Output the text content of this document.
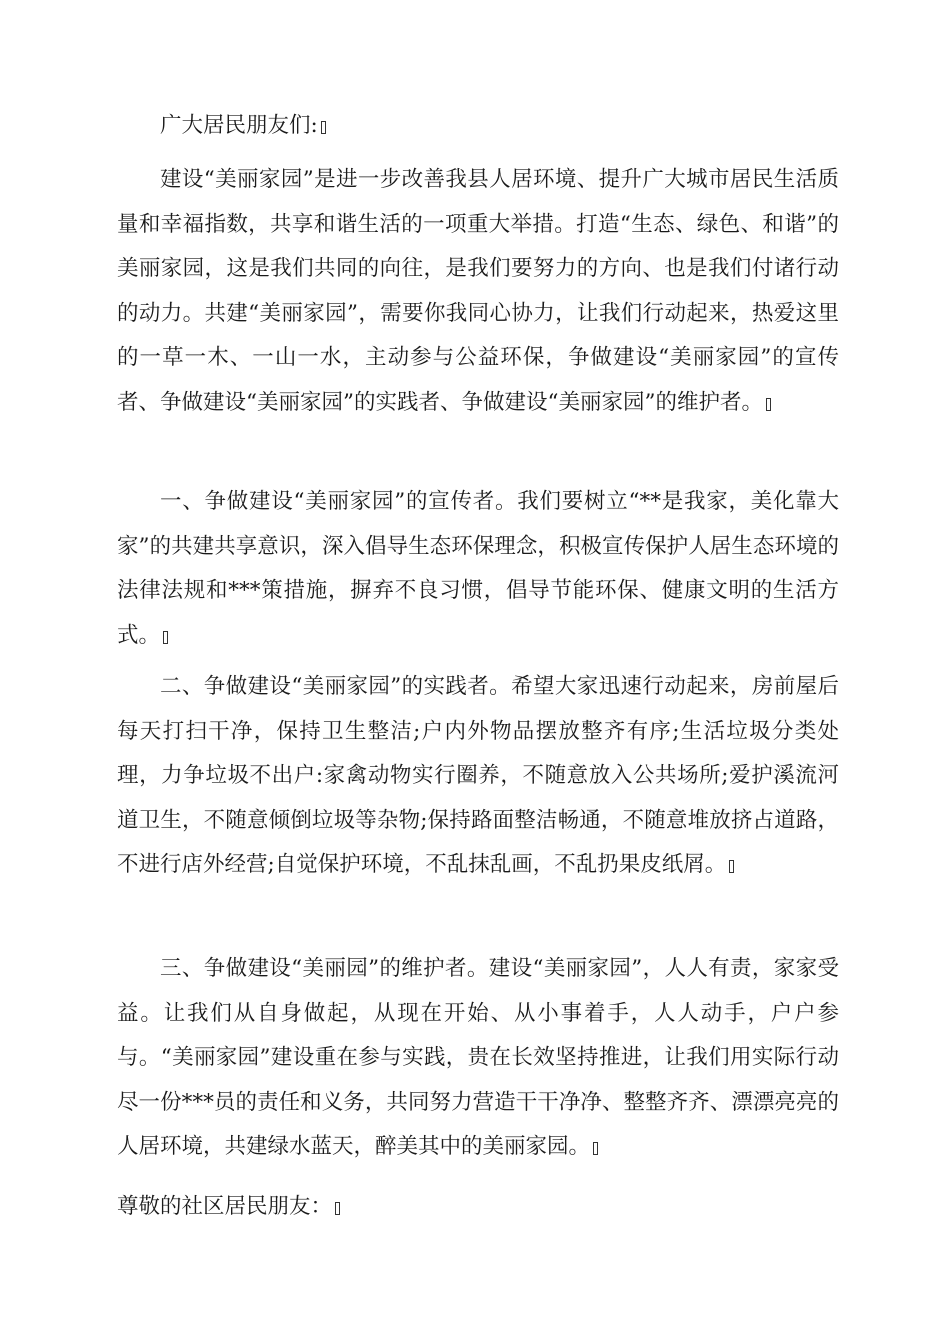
广大居民朋友们:

建设“美丽家园”是进一步改善我县人居环境、提升广大城市居民生活质量和幸福指数，共享和谐生活的一项重大举措。打造“生态、绿色、和谐”的美丽家园，这是我们共同的向往，是我们要努力的方向、也是我们付诸行动的动力。共建“美丽家园”，需要你我同心协力，让我们行动起来，热爱这里的一草一木、一山一水，主动参与公益环保，争做建设“美丽家园”的宣传者、争做建设“美丽家园”的实践者、争做建设“美丽家园”的维护者。

一、争做建设“美丽家园”的宣传者。我们要树立“**是我家，美化靠大家”的共建共享意识，深入倡导生态环保理念，积极宣传保护人居生态环境的法律法规和***策措施，摒弃不良习惯，倡导节能环保、健康文明的生活方式。

二、争做建设“美丽家园”的实践者。希望大家迅速行动起来，房前屋后每天打扫干净，保持卫生整洁;户内外物品摆放整齐有序;生活垃圾分类处理，力争垃圾不出户:家禽动物实行圈养，不随意放入公共场所;爱护溪流河道卫生，不随意倾倒垃圾等杂物;保持路面整洁畅通，不随意堆放挤占道路，不进行店外经营;自觉保护环境，不乱抹乱画，不乱扔果皮纸屑。

三、争做建设“美丽园”的维护者。建设“美丽家园”，人人有责，家家受益。让我们从自身做起，从现在开始、从小事着手，人人动手，户户参与。“美丽家园”建设重在参与实践，贵在长效坚持推进，让我们用实际行动尽一份***员的责任和义务，共同努力营造干干净净、整整齐齐、漂漂亮亮的人居环境，共建绿水蓝天，醉美其中的美丽家园。

尊敬的社区居民朋友：
